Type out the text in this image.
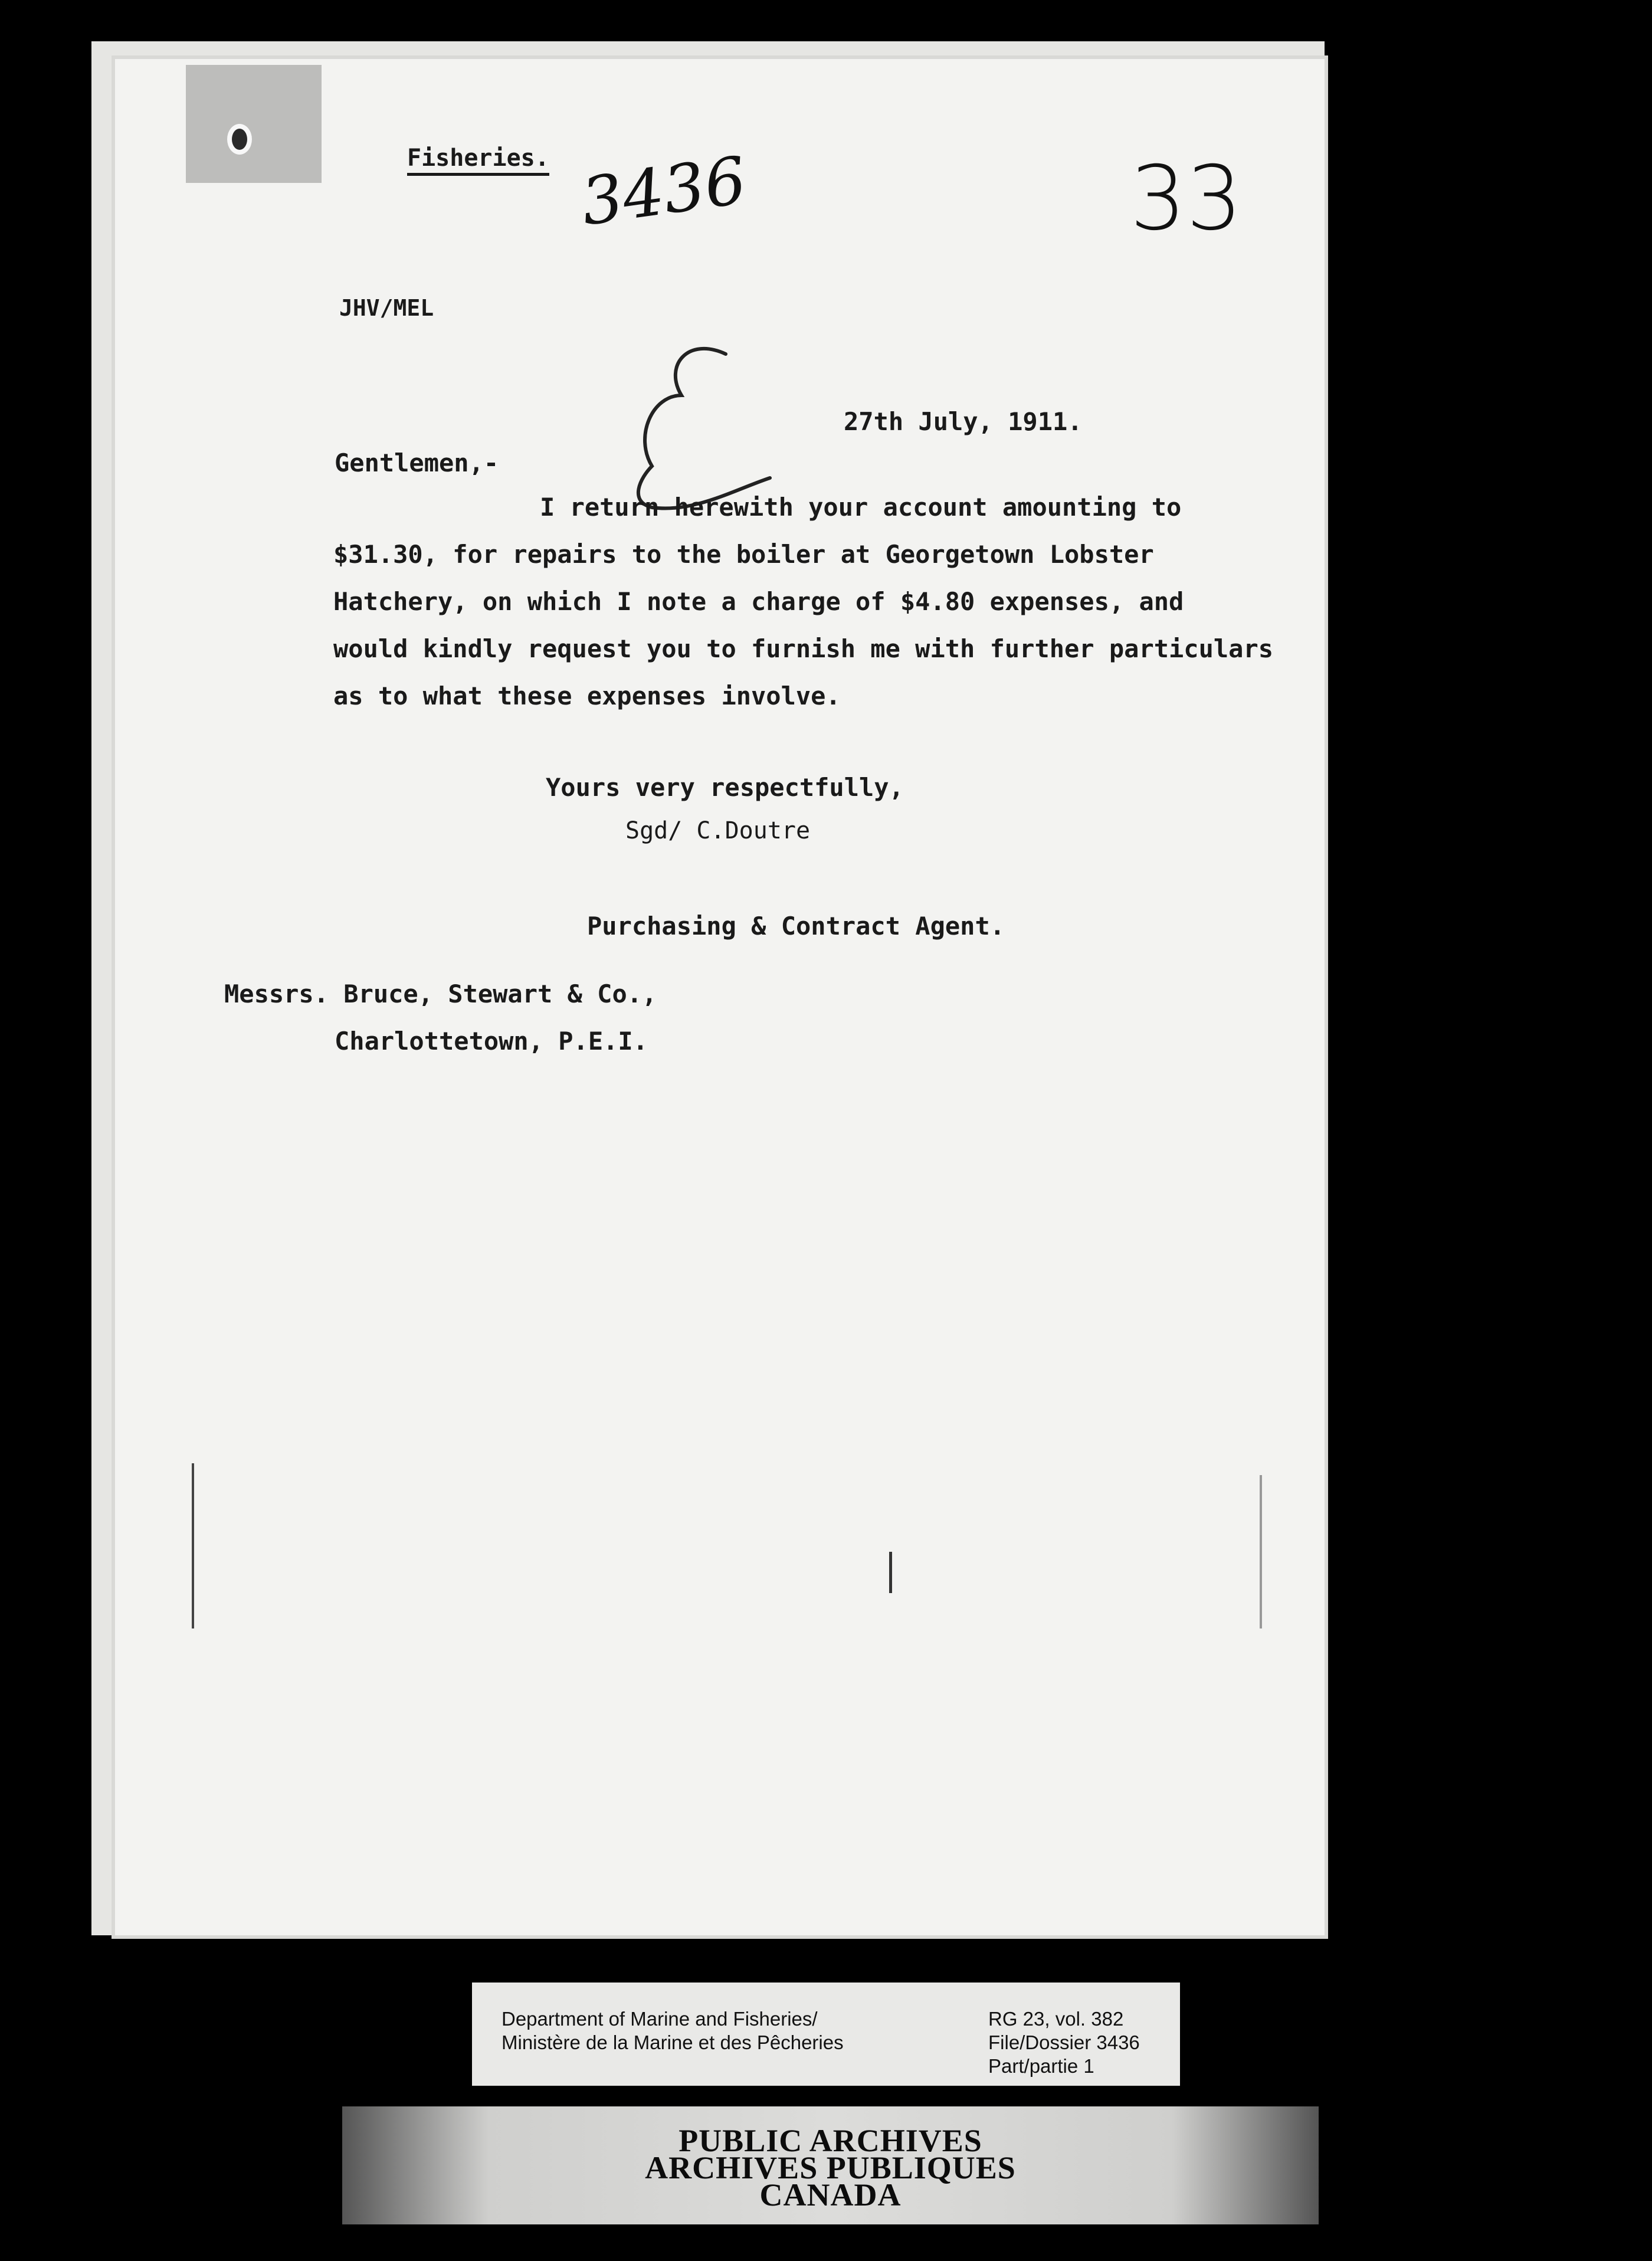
Fisheries. 3436	33
JHV/MEL
E
27th July, 1911.
Gentlemen,-
I return herewith your account amounting to
$31.30, for repairs to the boiler at Georgetown Lobster
Hatchery, on which I note a charge of $4.80 expenses, and
would kindly request you to furnish me with further particulars
as to what these expenses involve.
Yours very respectfully,
Sgd/ C.Doutre
Purchasing & Contract Agent.
Messrs. Bruce, Stewart & Co.,
Charlottetown, P.E.I.
Department of Marine and Fisheries/
Ministère de la Marine et des Pêcheries
RG 23, vol. 382
File/Dossier 3436
Part/partie 1
PUBLIC ARCHIVES
ARCHIVES PUBLIQUES
CANADA
